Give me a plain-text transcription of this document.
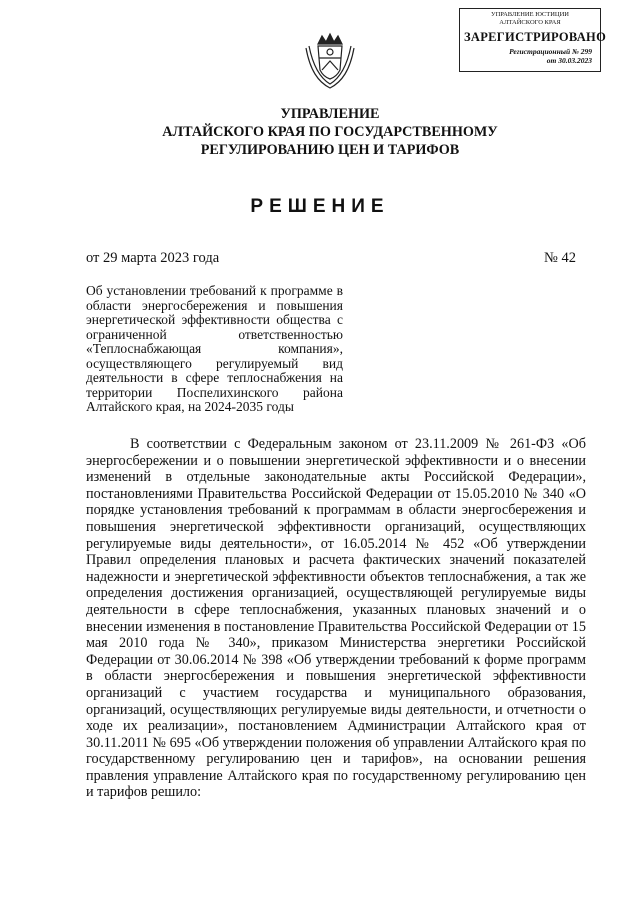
УПРАВЛЕНИЕ ЮСТИЦИИ
АЛТАЙСКОГО КРАЯ
ЗАРЕГИСТРИРОВАНО
Регистрационный № 299
от 30.03.2023
УПРАВЛЕНИЕ
АЛТАЙСКОГО КРАЯ ПО ГОСУДАРСТВЕННОМУ
РЕГУЛИРОВАНИЮ ЦЕН И ТАРИФОВ
РЕШЕНИЕ
от 29 марта 2023 года	№ 42
Об установлении требований к программе в области энергосбережения и повышения энергетической эффективности общества с ограниченной ответственностью «Теплоснабжающая компания», осуществляющего регулируемый вид деятельности в сфере теплоснабжения на территории Поспелихинского района Алтайского края, на 2024-2035 годы
В соответствии с Федеральным законом от 23.11.2009 № 261-ФЗ «Об энергосбережении и о повышении энергетической эффективности и о внесении изменений в отдельные законодательные акты Российской Федерации», постановлениями Правительства Российской Федерации от 15.05.2010 № 340 «О порядке установления требований к программам в области энергосбережения и повышения энергетической эффективности организаций, осуществляющих регулируемые виды деятельности», от 16.05.2014 № 452 «Об утверждении Правил определения плановых и расчета фактических значений показателей надежности и энергетической эффективности объектов теплоснабжения, а так же определения достижения организацией, осуществляющей регулируемые виды деятельности в сфере теплоснабжения, указанных плановых значений и о внесении изменения в постановление Правительства Российской Федерации от 15 мая 2010 года № 340», приказом Министерства энергетики Российской Федерации от 30.06.2014 № 398 «Об утверждении требований к форме программ в области энергосбережения и повышения энергетической эффективности организаций с участием государства и муниципального образования, организаций, осуществляющих регулируемые виды деятельности, и отчетности о ходе их реализации», постановлением Администрации Алтайского края от 30.11.2011 № 695 «Об утверждении положения об управлении Алтайского края по государственному регулированию цен и тарифов», на основании решения правления управление Алтайского края по государственному регулированию цен и тарифов решило:
